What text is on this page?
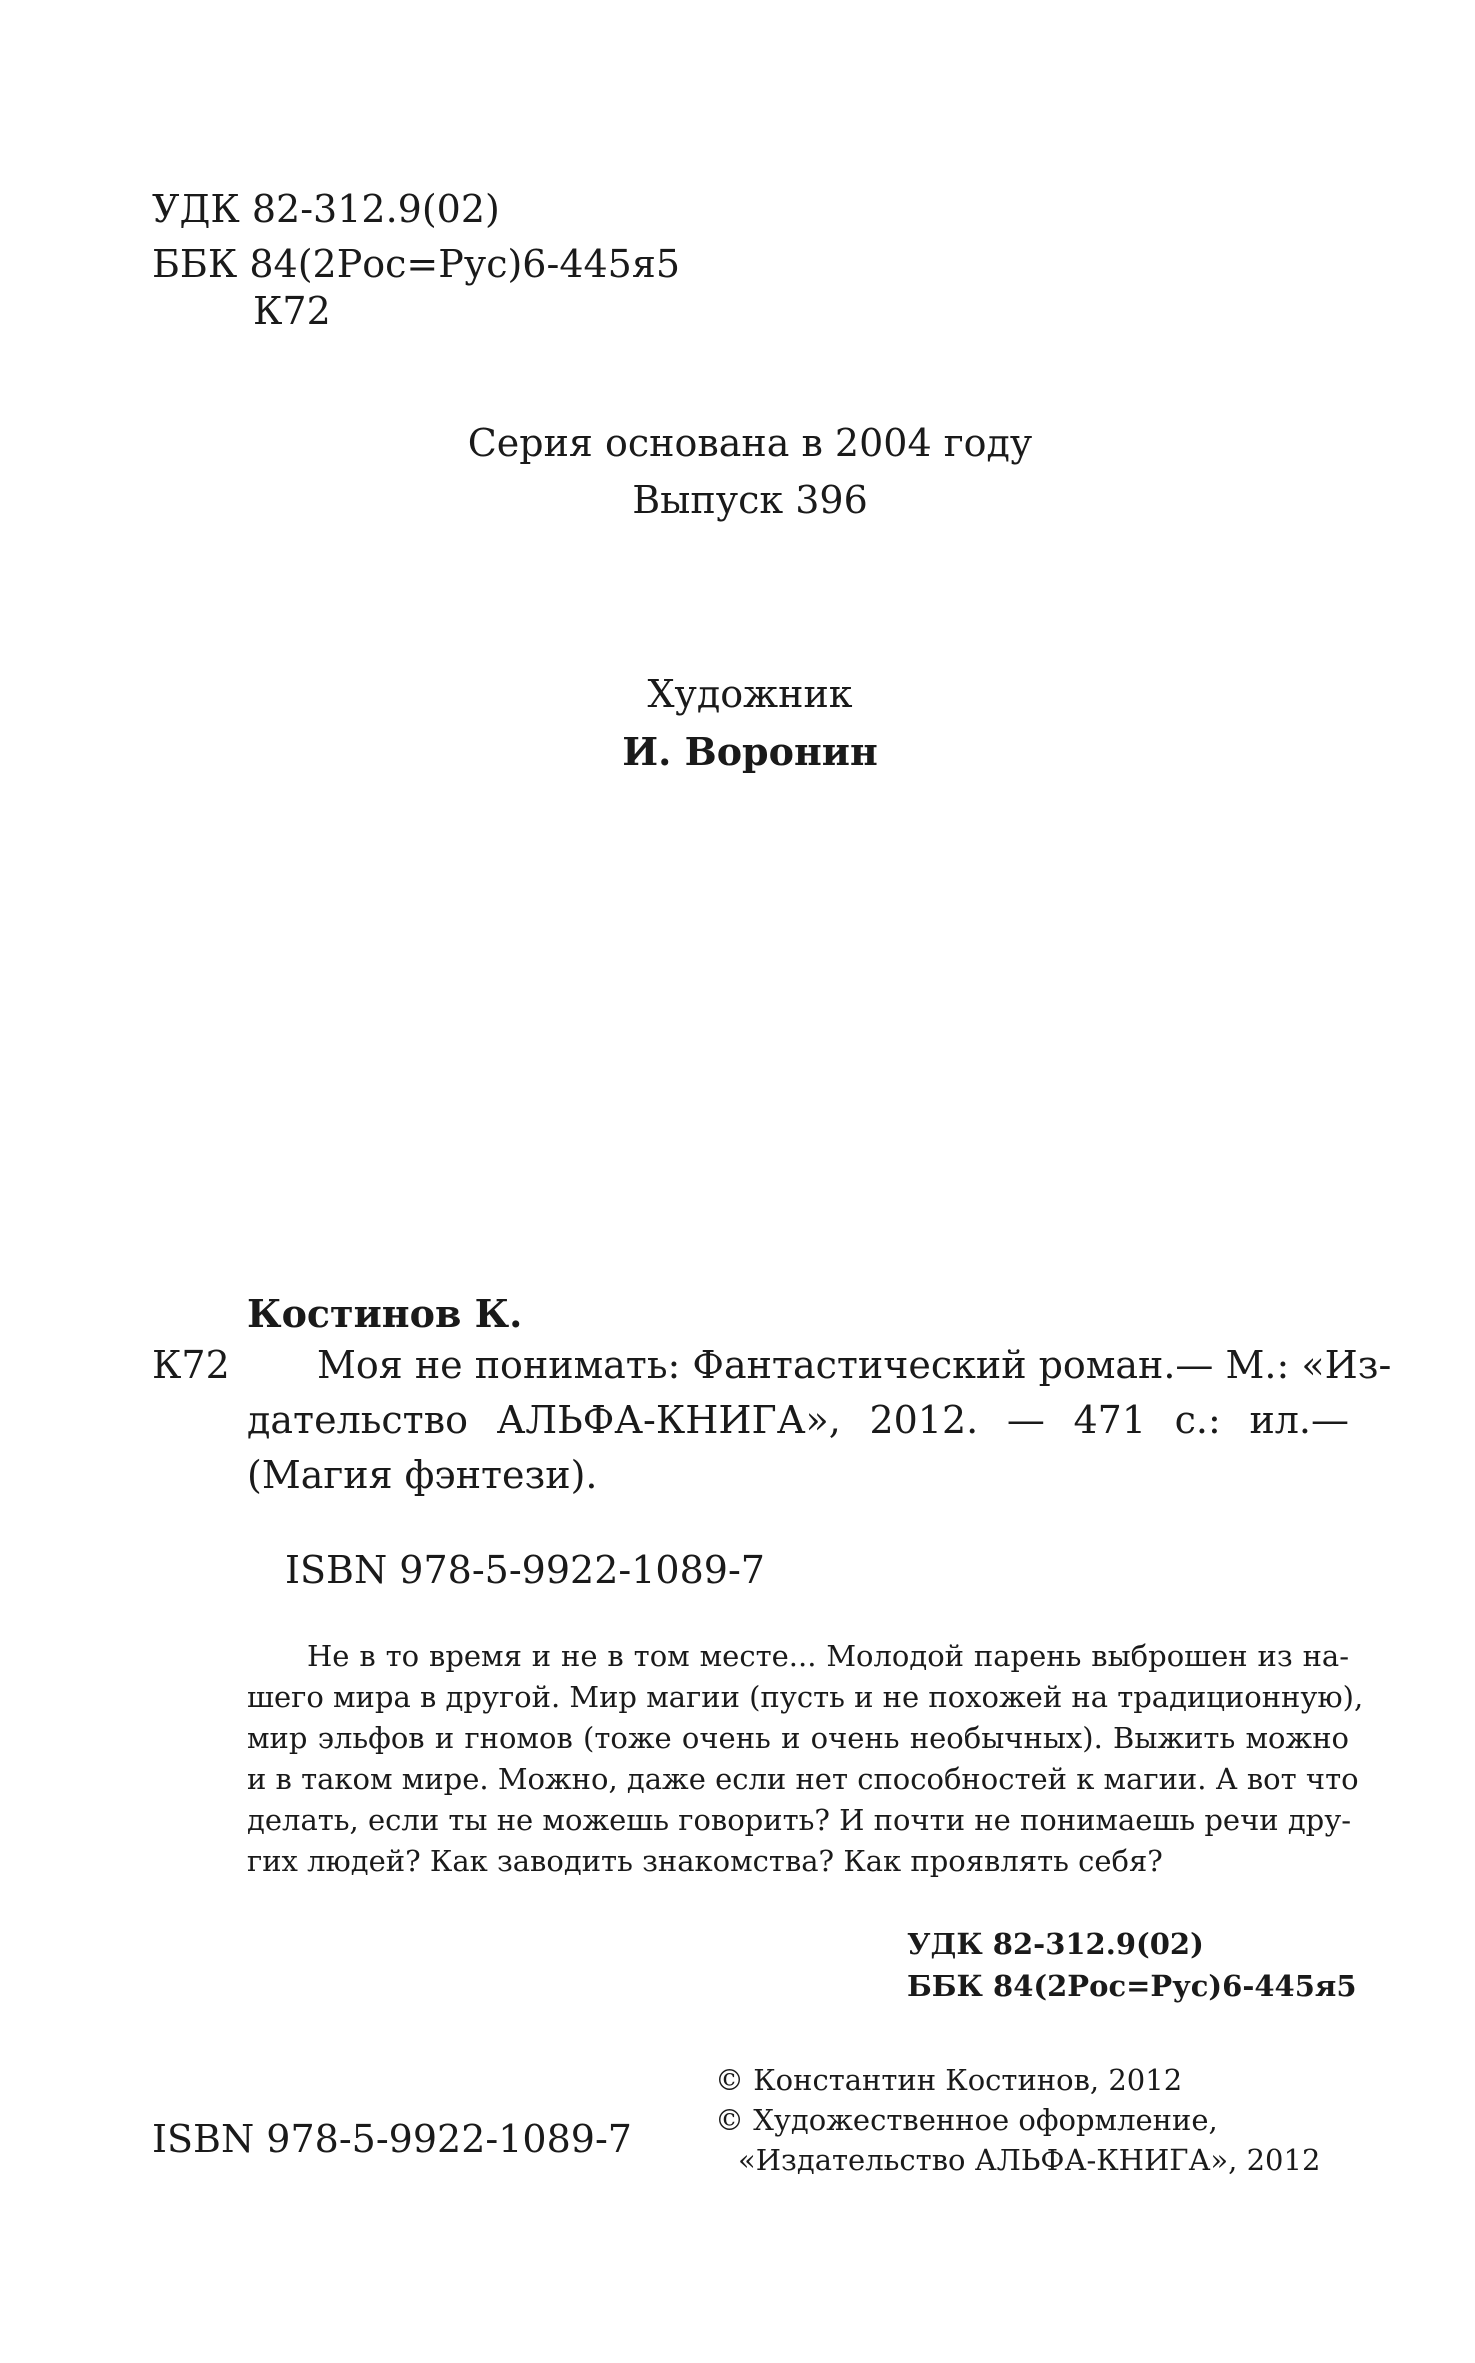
УДК 82-312.9(02)
ББК 84(2Рос=Рус)6-445я5
К72
Серия основана в 2004 году
Выпуск 396
Художник
И. Воронин
Костинов К.
К72	Моя не понимать: Фантастический роман.— М.: «Из-
дательство АЛЬФА-КНИГА», 2012. — 471 с.: ил.—
(Магия фэнтези).
ISBN 978-5-9922-1089-7
Не в то время и не в том месте... Молодой парень выброшен из на-
шего мира в другой. Мир магии (пусть и не похожей на традиционную),
мир эльфов и гномов (тоже очень и очень необычных). Выжить можно
и в таком мире. Можно, даже если нет способностей к магии. А вот что
делать, если ты не можешь говорить? И почти не понимаешь речи дру-
гих людей? Как заводить знакомства? Как проявлять себя?
УДК 82-312.9(02)
ББК 84(2Рос=Рус)6-445я5
ISBN 978-5-9922-1089-7
© Константин Костинов, 2012
© Художественное оформление,
«Издательство АЛЬФА-КНИГА», 2012
